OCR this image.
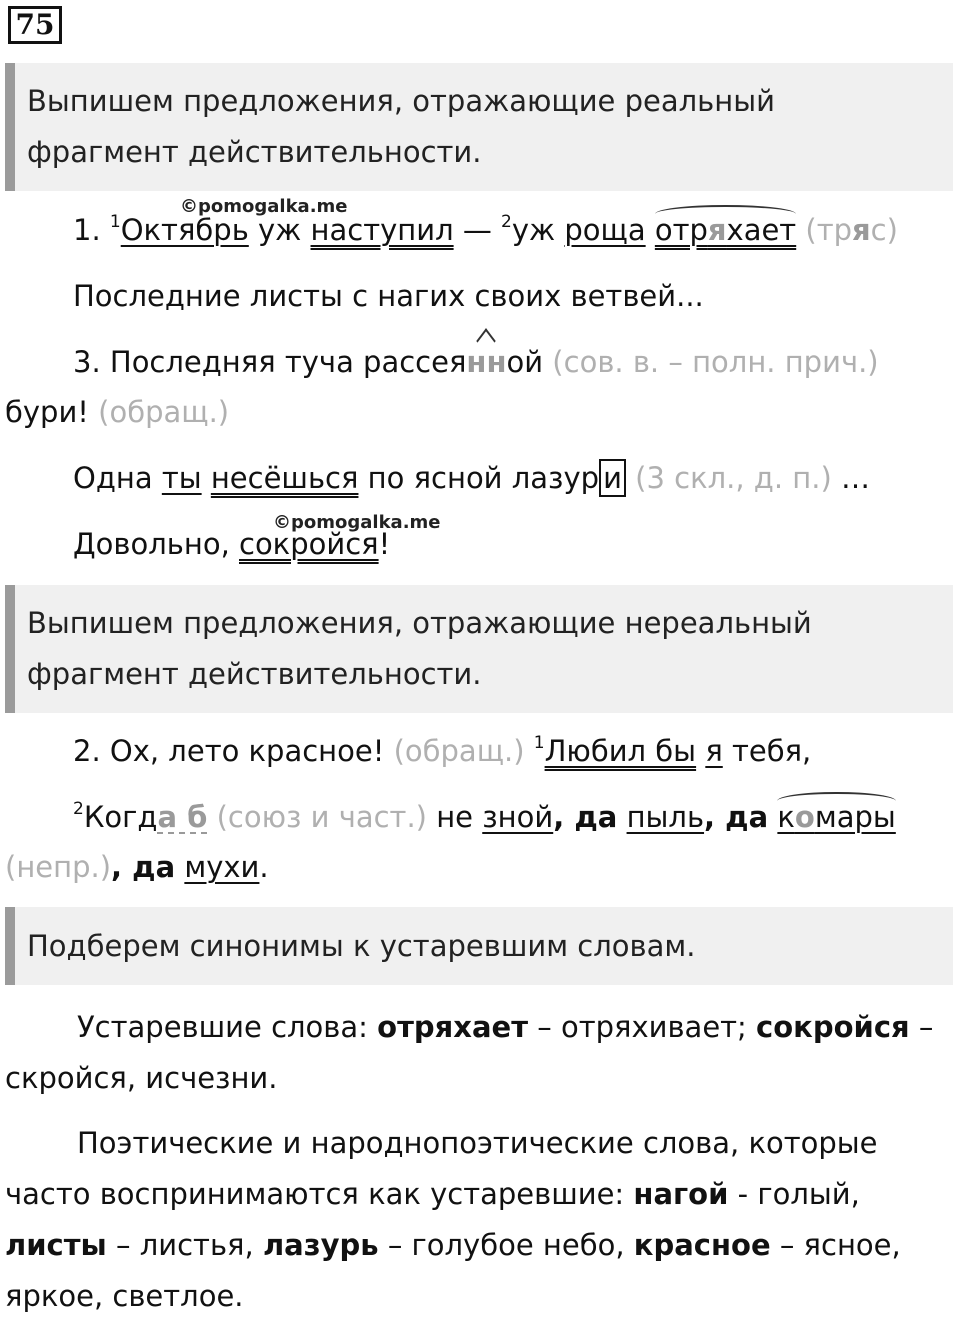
75
Выпишем предложения, отражающие реальный
фрагмент действительности.
©pomogalka.me
1. $^1$Октябрь уж наступил — $^2$уж роща отряхает (тряс)
Последние листы с нагих своих ветвей...
3. Последняя туча рассеянной (сов. в. – полн. прич.)
бури! (обращ.)
Одна ты несёшься по ясной лазур и (3 скл., д. п.) …
©pomogalka.me
Довольно, сокройся!
Выпишем предложения, отражающие нереальный
фрагмент действительности.
2. Ох, лето красное! (обращ.) $^1$Любил бы я тебя,
$^2$Когда б (союз и част.) не зной, да пыль, да комары
(непр.), да мухи.
Подберем синонимы к устаревшим словам.
Устаревшие слова: отряхает – отряхивает; сокройся –
скройся, исчезни.
Поэтические и народнопоэтические слова, которые
часто воспринимаются как устаревшие: нагой - голый,
листы – листья, лазурь – голубое небо, красное – ясное,
яркое, светлое.
